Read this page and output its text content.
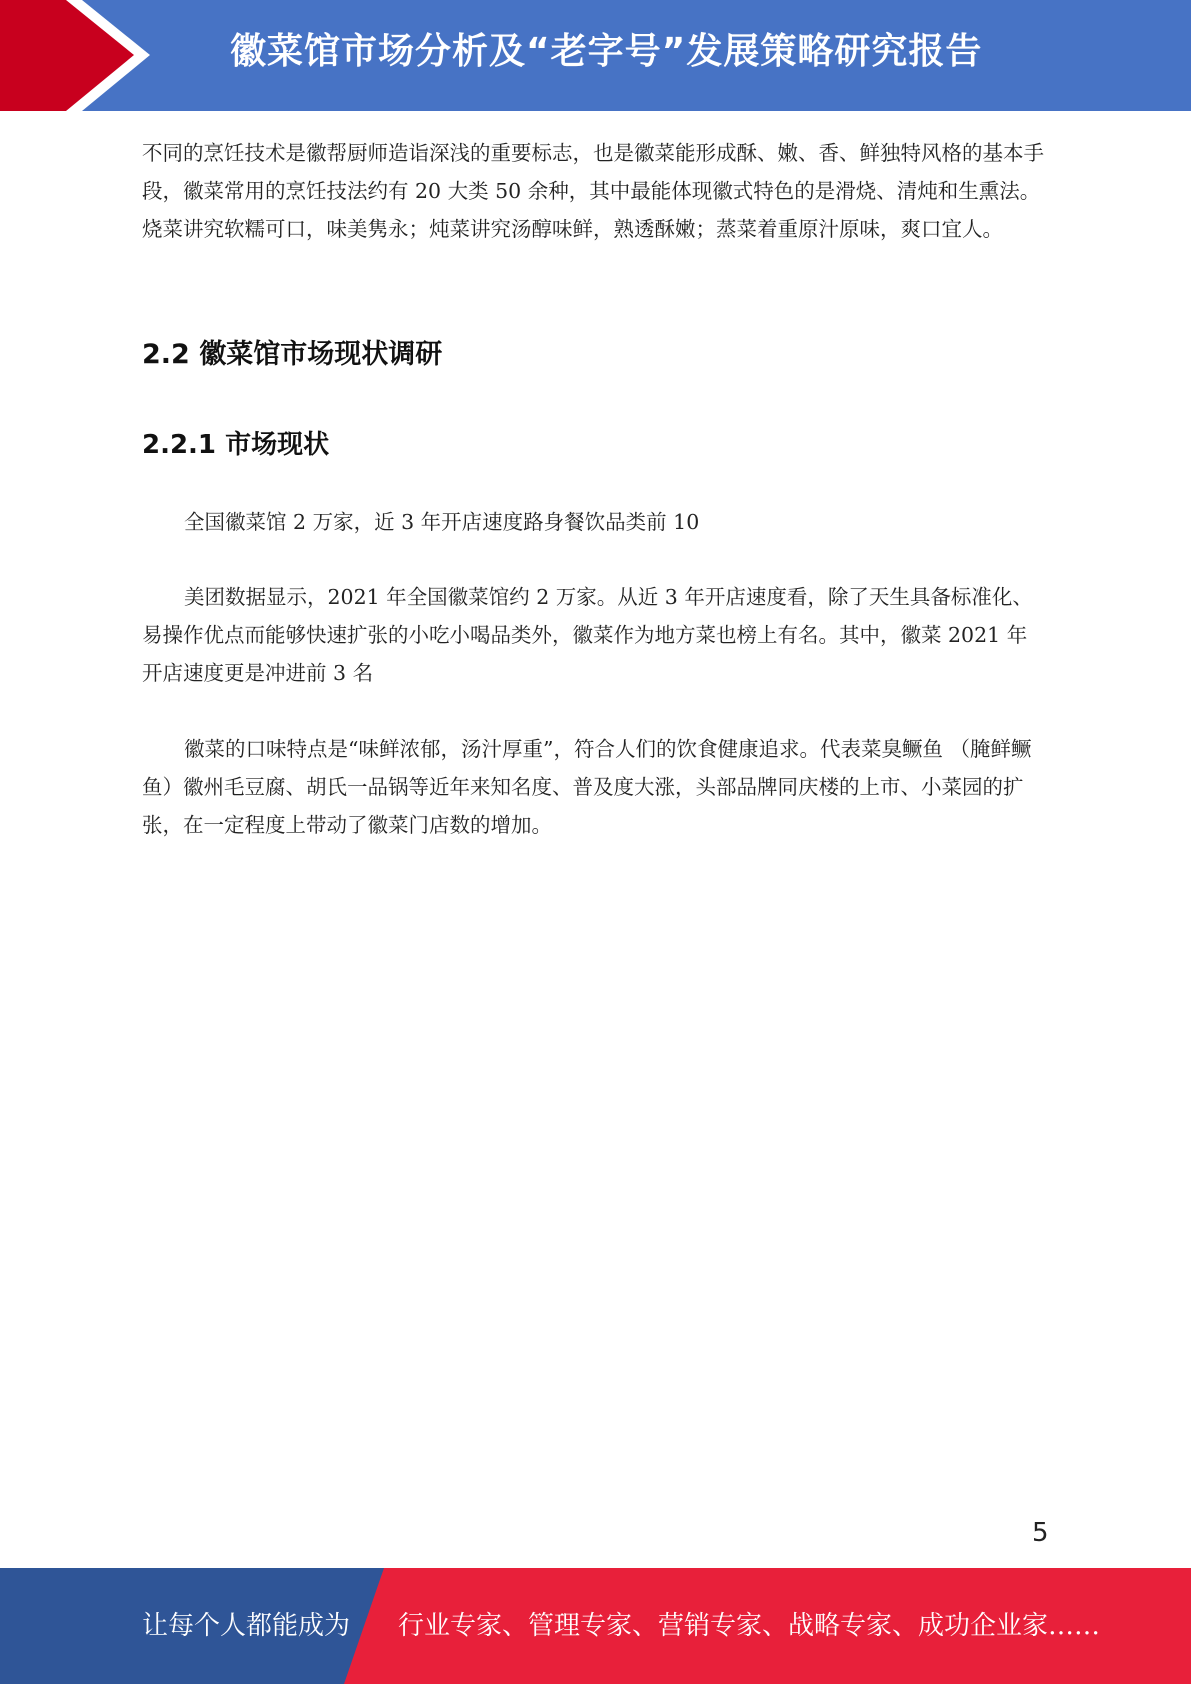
徽菜馆市场分析及“老字号”发展策略研究报告

不同的烹饪技术是徽帮厨师造诣深浅的重要标志，也是徽菜能形成酥、嫩、香、鲜独特风格的基本手段，徽菜常用的烹饪技法约有 20 大类 50 余种，其中最能体现徽式特色的是滑烧、清炖和生熏法。烧菜讲究软糯可口，味美隽永；炖菜讲究汤醇味鲜，熟透酥嫩；蒸菜着重原汁原味，爽口宜人。

2.2 徽菜馆市场现状调研
2.2.1 市场现状

全国徽菜馆 2 万家，近 3 年开店速度路身餐饮品类前 10

美团数据显示，2021 年全国徽菜馆约 2 万家。从近 3 年开店速度看，除了天生具备标准化、易操作优点而能够快速扩张的小吃小喝品类外，徽菜作为地方菜也榜上有名。其中，徽菜 2021 年开店速度更是冲进前 3 名

徽菜的口味特点是“味鲜浓郁，汤汁厚重”，符合人们的饮食健康追求。代表菜臭鳜鱼 （腌鲜鳜鱼）徽州毛豆腐、胡氏一品锅等近年来知名度、普及度大涨，头部品牌同庆楼的上市、小菜园的扩张，在一定程度上带动了徽菜门店数的增加。

5
让每个人都能成为 行业专家、管理专家、营销专家、战略专家、成功企业家……
